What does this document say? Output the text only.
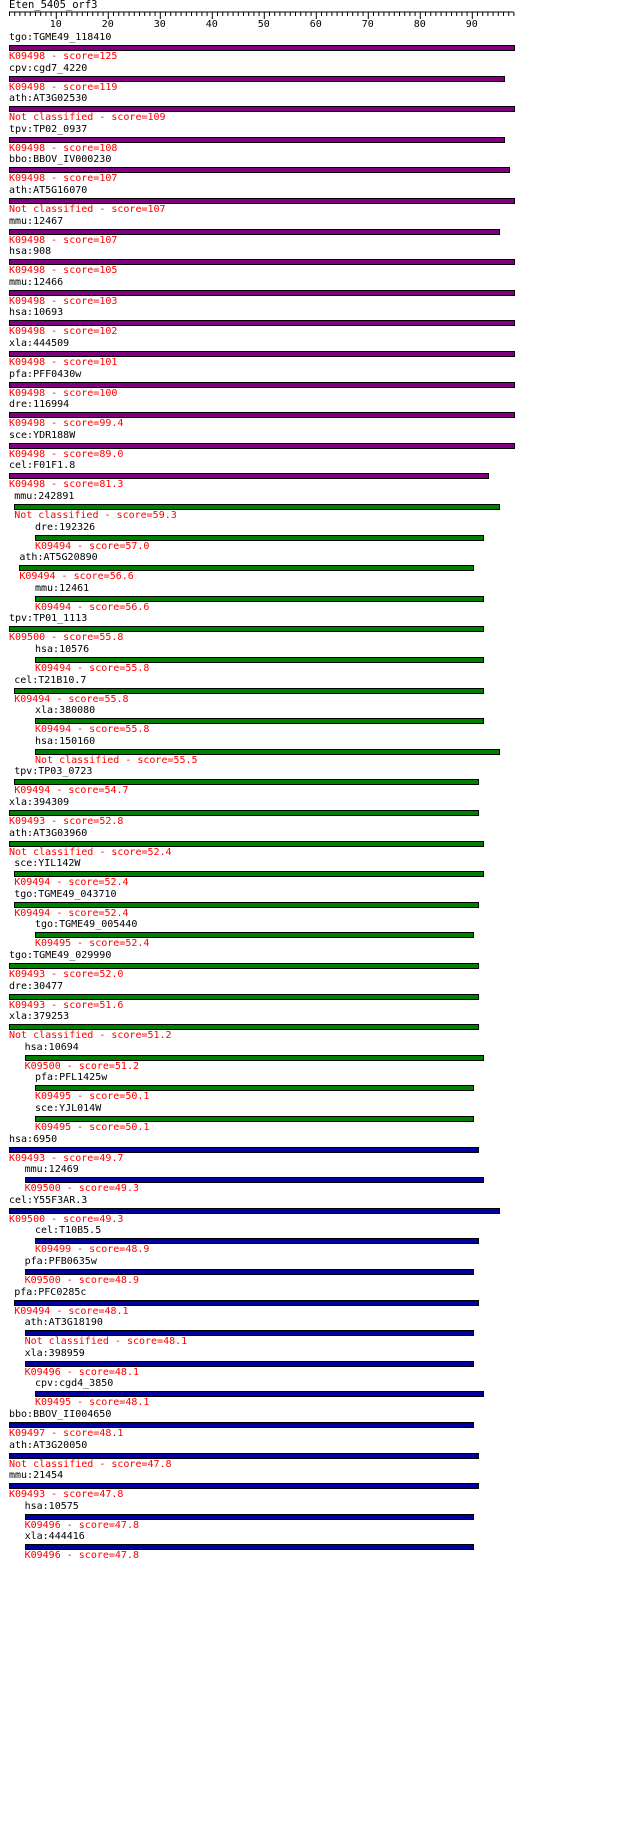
Eten_5405_orf3
10	20	30	40	50	60	70	80	90
tgo:TGME49_118410
K09498 - score=125
cpv:cgd7_4220
K09498 - score=119
ath:AT3G02530
Not classified - score=109
tpv:TP02_0937
K09498 - score=108
bbo:BBOV_IV000230
K09498 - score=107
ath:AT5G16070
Not classified - score=107
mmu:12467
K09498 - score=107
hsa:908
K09498 - score=105
mmu:12466
K09498 - score=103
hsa:10693
K09498 - score=102
xla:444509
K09498 - score=101
pfa:PFF0430w
K09498 - score=100
dre:116994
K09498 - score=99.4
sce:YDR188W
K09498 - score=89.0
cel:F01F1.8
K09498 - score=81.3
mmu:242891
Not classified - score=59.3
dre:192326
K09494 - score=57.0
ath:AT5G20890
K09494 - score=56.6
mmu:12461
K09494 - score=56.6
tpv:TP01_1113
K09500 - score=55.8
hsa:10576
K09494 - score=55.8
cel:T21B10.7
K09494 - score=55.8
xla:380080
K09494 - score=55.8
hsa:150160
Not classified - score=55.5
tpv:TP03_0723
K09494 - score=54.7
xla:394309
K09493 - score=52.8
ath:AT3G03960
Not classified - score=52.4
sce:YIL142W
K09494 - score=52.4
tgo:TGME49_043710
K09494 - score=52.4
tgo:TGME49_005440
K09495 - score=52.4
tgo:TGME49_029990
K09493 - score=52.0
dre:30477
K09493 - score=51.6
xla:379253
Not classified - score=51.2
hsa:10694
K09500 - score=51.2
pfa:PFL1425w
K09495 - score=50.1
sce:YJL014W
K09495 - score=50.1
hsa:6950
K09493 - score=49.7
mmu:12469
K09500 - score=49.3
cel:Y55F3AR.3
K09500 - score=49.3
cel:T10B5.5
K09499 - score=48.9
pfa:PFB0635w
K09500 - score=48.9
pfa:PFC0285c
K09494 - score=48.1
ath:AT3G18190
Not classified - score=48.1
xla:398959
K09496 - score=48.1
cpv:cgd4_3850
K09495 - score=48.1
bbo:BBOV_II004650
K09497 - score=48.1
ath:AT3G20050
Not classified - score=47.8
mmu:21454
K09493 - score=47.8
hsa:10575
K09496 - score=47.8
xla:444416
K09496 - score=47.8
